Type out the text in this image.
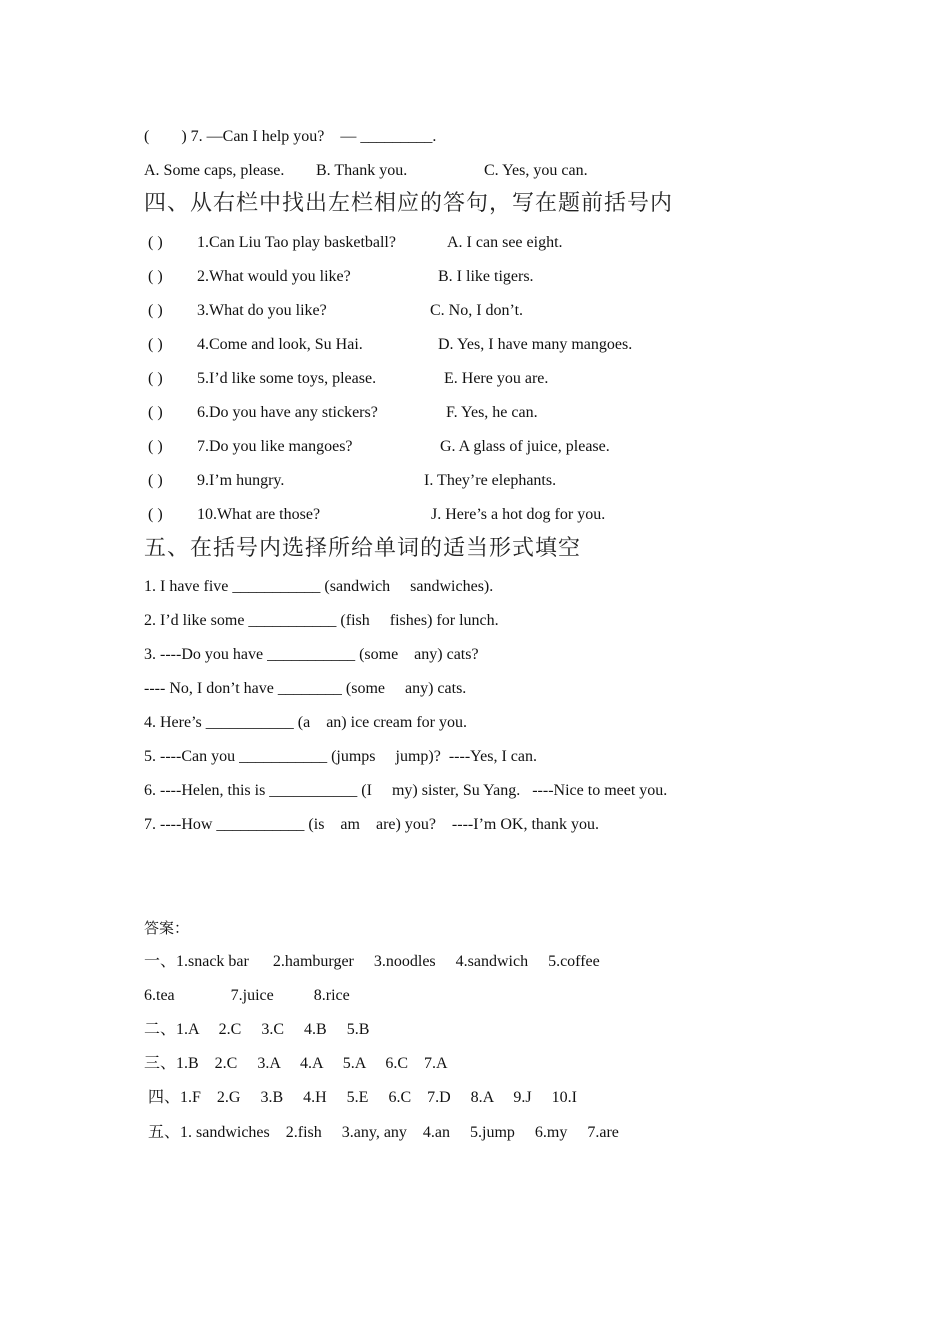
(        ) 7. —Can I help you?    — _________.
A. Some caps, please. B. Thank you.	C. Yes, you can.
四、从右栏中找出左栏相应的答句，写在题前括号内
( ) 1.Can Liu Tao play basketball?	A. I can see eight.
( ) 2.What would you like?	B. I like tigers.
( ) 3.What do you like?	C. No, I don’t.
( ) 4.Come and look, Su Hai.	D. Yes, I have many mangoes.
( ) 5.I’d like some toys, please.	E. Here you are.
( ) 6.Do you have any stickers?	F. Yes, he can.
( ) 7.Do you like mangoes?	G. A glass of juice, please.
( ) 9.I’m hungry.	I. They’re elephants.
( ) 10.What are those?	J. Here’s a hot dog for you.
五、在括号内选择所给单词的适当形式填空
1. I have five ___________ (sandwich     sandwiches).
2. I’d like some ___________ (fish     fishes) for lunch.
3. ----Do you have ___________ (some    any) cats?
---- No, I don’t have ________ (some     any) cats.
4. Here’s ___________ (a    an) ice cream for you.
5. ----Can you ___________ (jumps     jump)?  ----Yes, I can.
6. ----Helen, this is ___________ (I     my) sister, Su Yang.   ----Nice to meet you.
7. ----How ___________ (is    am    are) you?    ----I’m OK, thank you.
答案：
一、1.snack bar      2.hamburger     3.noodles     4.sandwich     5.coffee
6.tea              7.juice          8.rice
二、1.A     2.C     3.C     4.B     5.B
三、1.B    2.C     3.A     4.A     5.A     6.C    7.A
四、1.F    2.G     3.B     4.H     5.E     6.C    7.D     8.A     9.J     10.I
五、1. sandwiches    2.fish     3.any, any    4.an     5.jump     6.my     7.are
